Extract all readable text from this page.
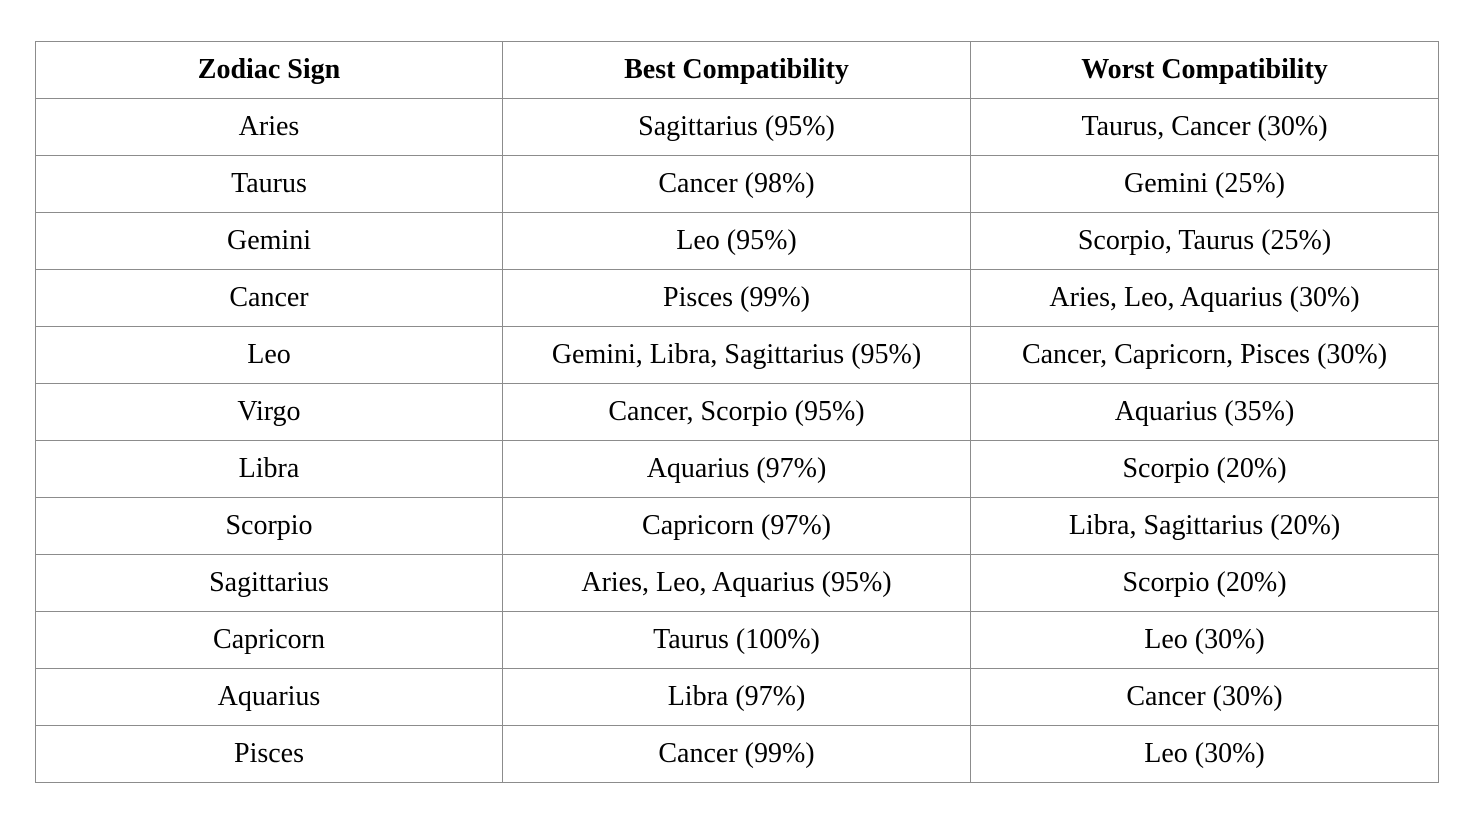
Zodiac Sign	Best Compatibility	Worst Compatibility
Aries	Sagittarius (95%)	Taurus, Cancer (30%)
Taurus	Cancer (98%)	Gemini (25%)
Gemini	Leo (95%)	Scorpio, Taurus (25%)
Cancer	Pisces (99%)	Aries, Leo, Aquarius (30%)
Leo	Gemini, Libra, Sagittarius (95%)	Cancer, Capricorn, Pisces (30%)
Virgo	Cancer, Scorpio (95%)	Aquarius (35%)
Libra	Aquarius (97%)	Scorpio (20%)
Scorpio	Capricorn (97%)	Libra, Sagittarius (20%)
Sagittarius	Aries, Leo, Aquarius (95%)	Scorpio (20%)
Capricorn	Taurus (100%)	Leo (30%)
Aquarius	Libra (97%)	Cancer (30%)
Pisces	Cancer (99%)	Leo (30%)
